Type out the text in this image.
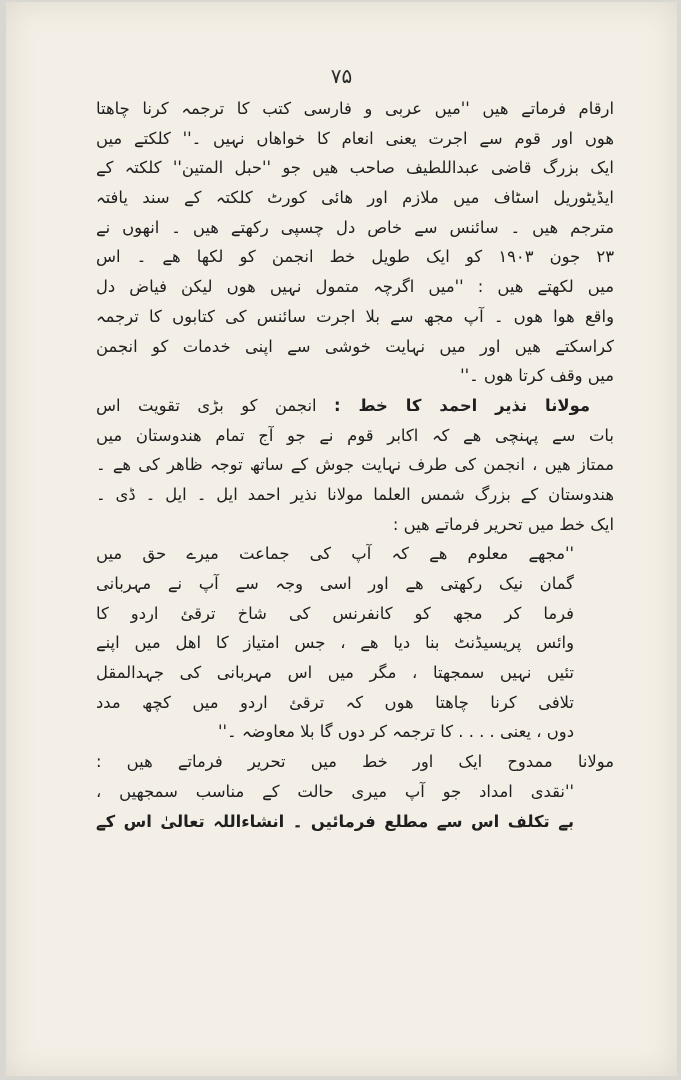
۷۵
ارقام فرماتے ھیں ''میں عربی و فارسی کتب کا ترجمہ کرنا چاھتا
ھوں اور قوم سے اجرت یعنی انعام کا خواھاں نہیں ۔'' کلکتے میں
ایک بزرگ قاضی عبداللطیف صاحب ھیں جو ''حبل المتین'' کلکتہ کے
ایڈیٹوریل اسٹاف میں ملازم اور ھائی کورٹ کلکتہ کے سند یافتہ
مترجم ھیں ۔ سائنس سے خاص دل چسپی رکھتے ھیں ۔ انھوں نے
۲۳ جون ۱۹۰۳ کو ایک طویل خط انجمن کو لکھا ھے ۔ اس
میں لکھتے ھیں : ''میں اگرچہ متمول نہیں ھوں لیکن فیاض دل
واقع ھوا ھوں ۔ آپ مجھ سے بلا اجرت سائنس کی کتابوں کا ترجمہ
کراسکتے ھیں اور میں نہایت خوشی سے اپنی خدمات کو انجمن
میں وقف کرتا ھوں ۔''
مولانا نذیر احمد کا خط : انجمن کو بڑی تقویت اس
بات سے پہنچی ھے کہ اکابر قوم نے جو آج تمام ھندوستان میں
ممتاز ھیں ، انجمن کی طرف نہایت جوش کے ساتھ توجہ ظاھر کی ھے ۔
ھندوستان کے بزرگ شمس العلما مولانا نذیر احمد ایل ۔ ایل ۔ ڈی ۔
ایک خط میں تحریر فرماتے ھیں :
''مجھے معلوم ھے کہ آپ کی جماعت میرے حق میں
گمان نیک رکھتی ھے اور اسی وجہ سے آپ نے مہربانی
فرما کر مجھ کو کانفرنس کی شاخ ترقئ اردو کا
وائس پریسیڈنٹ بنا دیا ھے ، جس امتیاز کا اھل میں اپنے
تئیں نہیں سمجھتا ، مگر میں اس مہربانی کی جہدالمقل
تلافی کرنا چاھتا ھوں کہ ترقئ اردو میں کچھ مدد
دوں ، یعنی . . . . کا ترجمہ کر دوں گا بلا معاوضہ ۔''
مولانا ممدوح ایک اور خط میں تحریر فرماتے ھیں :
''نقدی امداد جو آپ میری حالت کے مناسب سمجھیں ،
بے تکلف اس سے مطلع فرمائیں ۔ انشاءاللہ تعالیٰ اس کے
